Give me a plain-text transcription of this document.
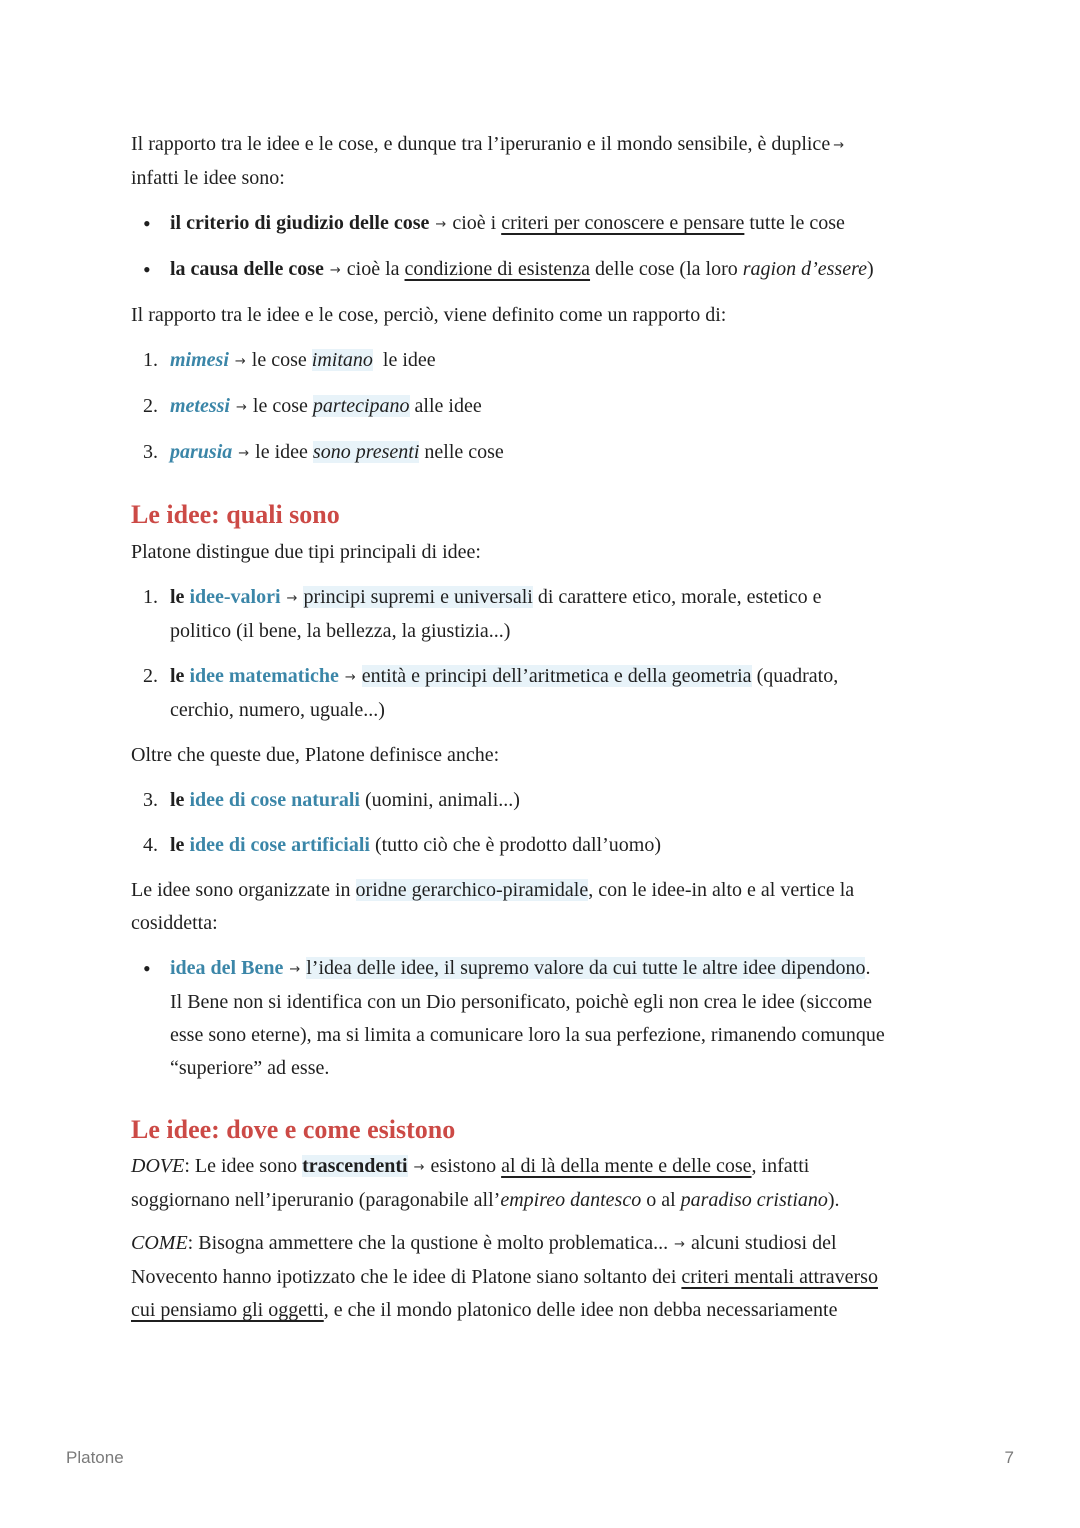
Il rapporto tra le idee e le cose, e dunque tra l’iperuranio e il mondo sensibile, è duplice →
infatti le idee sono:

• il criterio di giudizio delle cose → cioè i criteri per conoscere e pensare tutte le cose

• la causa delle cose → cioè la condizione di esistenza delle cose (la loro ragion d’essere)

Il rapporto tra le idee e le cose, perciò, viene definito come un rapporto di:

1. mimesi → le cose imitano le idee

2. metessi → le cose partecipano alle idee

3. parusia → le idee sono presenti nelle cose

Le idee: quali sono

Platone distingue due tipi principali di idee:

1. le idee-valori → principi supremi e universali di carattere etico, morale, estetico e
politico (il bene, la bellezza, la giustizia...)

2. le idee matematiche → entità e principi dell’aritmetica e della geometria (quadrato,
cerchio, numero, uguale...)

Oltre che queste due, Platone definisce anche:

3. le idee di cose naturali (uomini, animali...)

4. le idee di cose artificiali (tutto ciò che è prodotto dall’uomo)

Le idee sono organizzate in oridne gerarchico-piramidale, con le idee-in alto e al vertice la
cosiddetta:

• idea del Bene → l’idea delle idee, il supremo valore da cui tutte le altre idee dipendono.
Il Bene non si identifica con un Dio personificato, poichè egli non crea le idee (siccome
esse sono eterne), ma si limita a comunicare loro la sua perfezione, rimanendo comunque
“superiore” ad esse.

Le idee: dove e come esistono

DOVE: Le idee sono trascendenti → esistono al di là della mente e delle cose, infatti
soggiornano nell’iperuranio (paragonabile all’empireo dantesco o al paradiso cristiano).

COME: Bisogna ammettere che la qustione è molto problematica... → alcuni studiosi del
Novecento hanno ipotizzato che le idee di Platone siano soltanto dei criteri mentali attraverso
cui pensiamo gli oggetti, e che il mondo platonico delle idee non debba necessariamente

Platone	7
